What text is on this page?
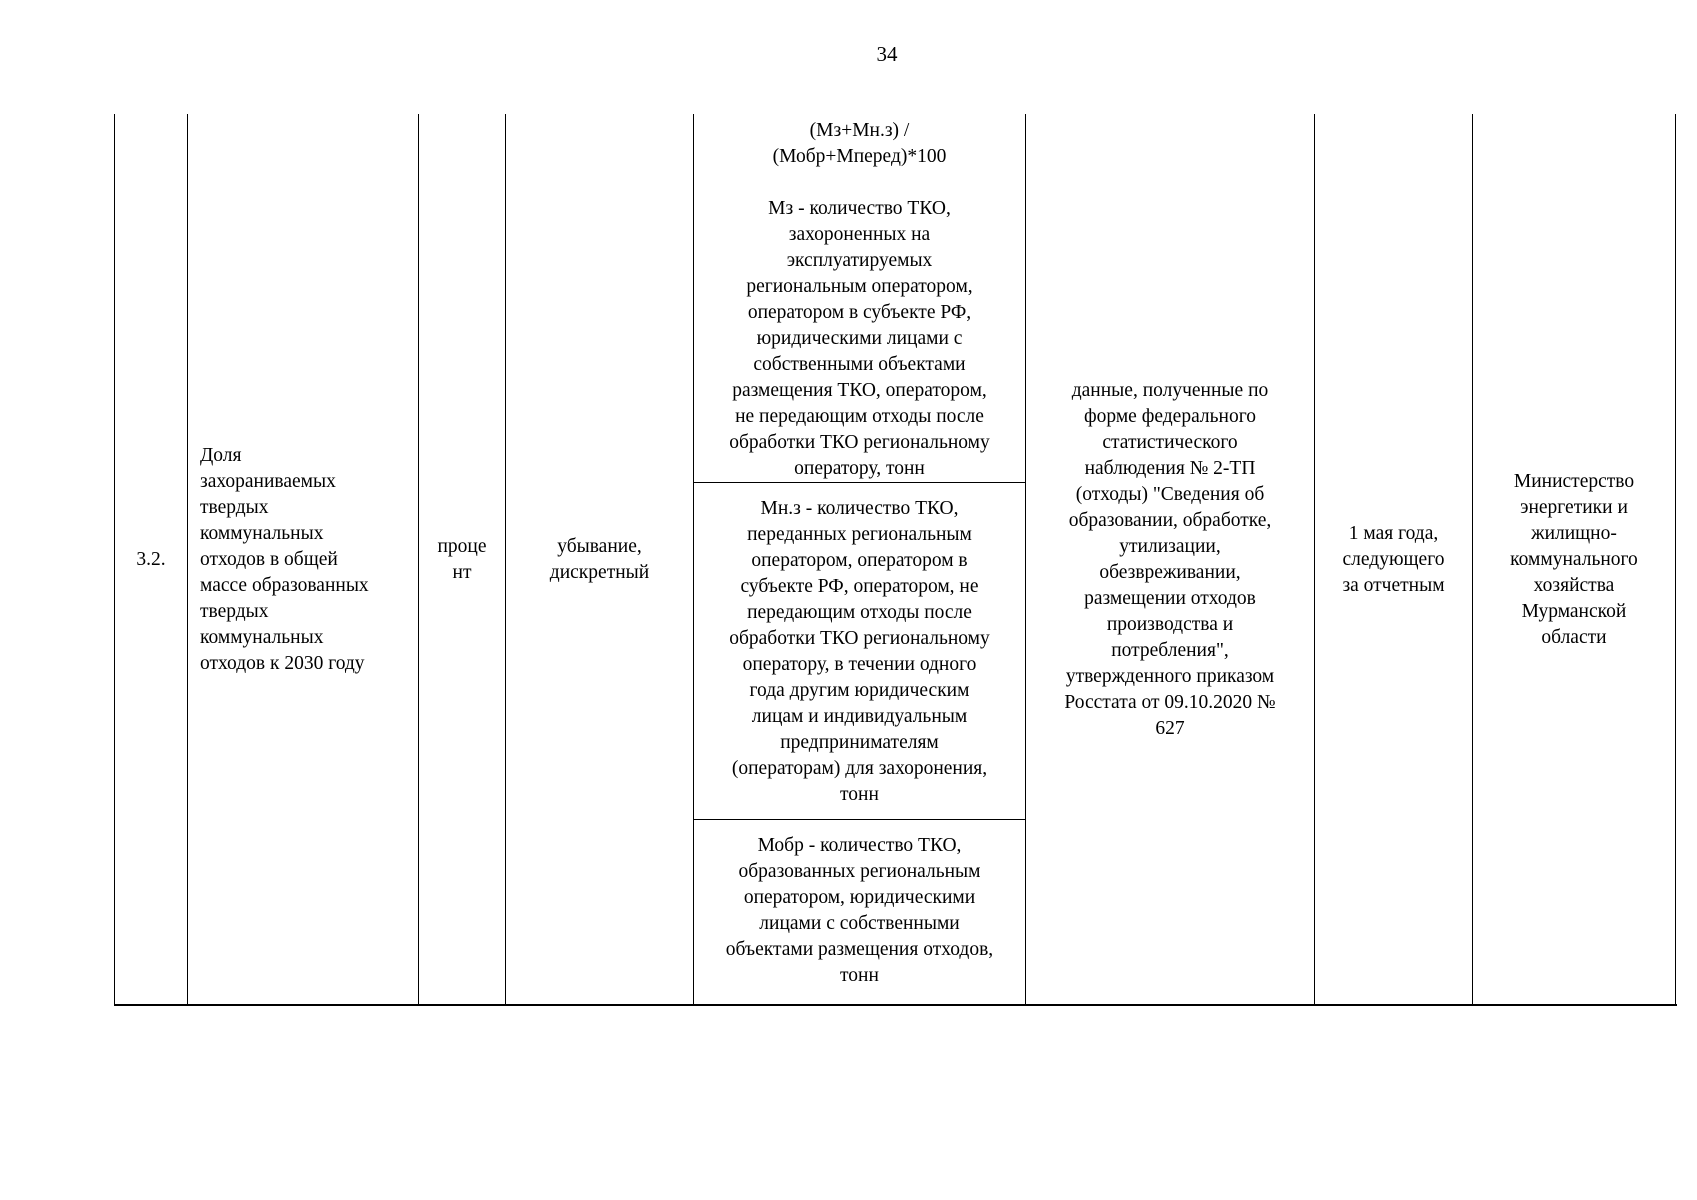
34
3.2.
Доля
захораниваемых
твердых
коммунальных
отходов в общей
массе образованных
твердых
коммунальных
отходов к 2030 году
проце
нт
убывание,
дискретный
(Мз+Мн.з) /
(Мобр+Мперед)*100
Мз - количество ТКО,
захороненных на
эксплуатируемых
региональным оператором,
оператором в субъекте РФ,
юридическими лицами с
собственными объектами
размещения ТКО, оператором,
не передающим отходы после
обработки ТКО региональному
оператору, тонн
Мн.з - количество ТКО,
переданных региональным
оператором, оператором в
субъекте РФ, оператором, не
передающим отходы после
обработки ТКО региональному
оператору, в течении одного
года другим юридическим
лицам и индивидуальным
предпринимателям
(операторам) для захоронения,
тонн
Мобр - количество ТКО,
образованных региональным
оператором, юридическими
лицами с собственными
объектами размещения отходов,
тонн
данные, полученные по
форме федерального
статистического
наблюдения № 2-ТП
(отходы) "Сведения об
образовании, обработке,
утилизации,
обезвреживании,
размещении отходов
производства и
потребления",
утвержденного приказом
Росстата от 09.10.2020 №
627
1 мая года,
следующего
за отчетным
Министерство
энергетики и
жилищно-
коммунального
хозяйства
Мурманской
области
